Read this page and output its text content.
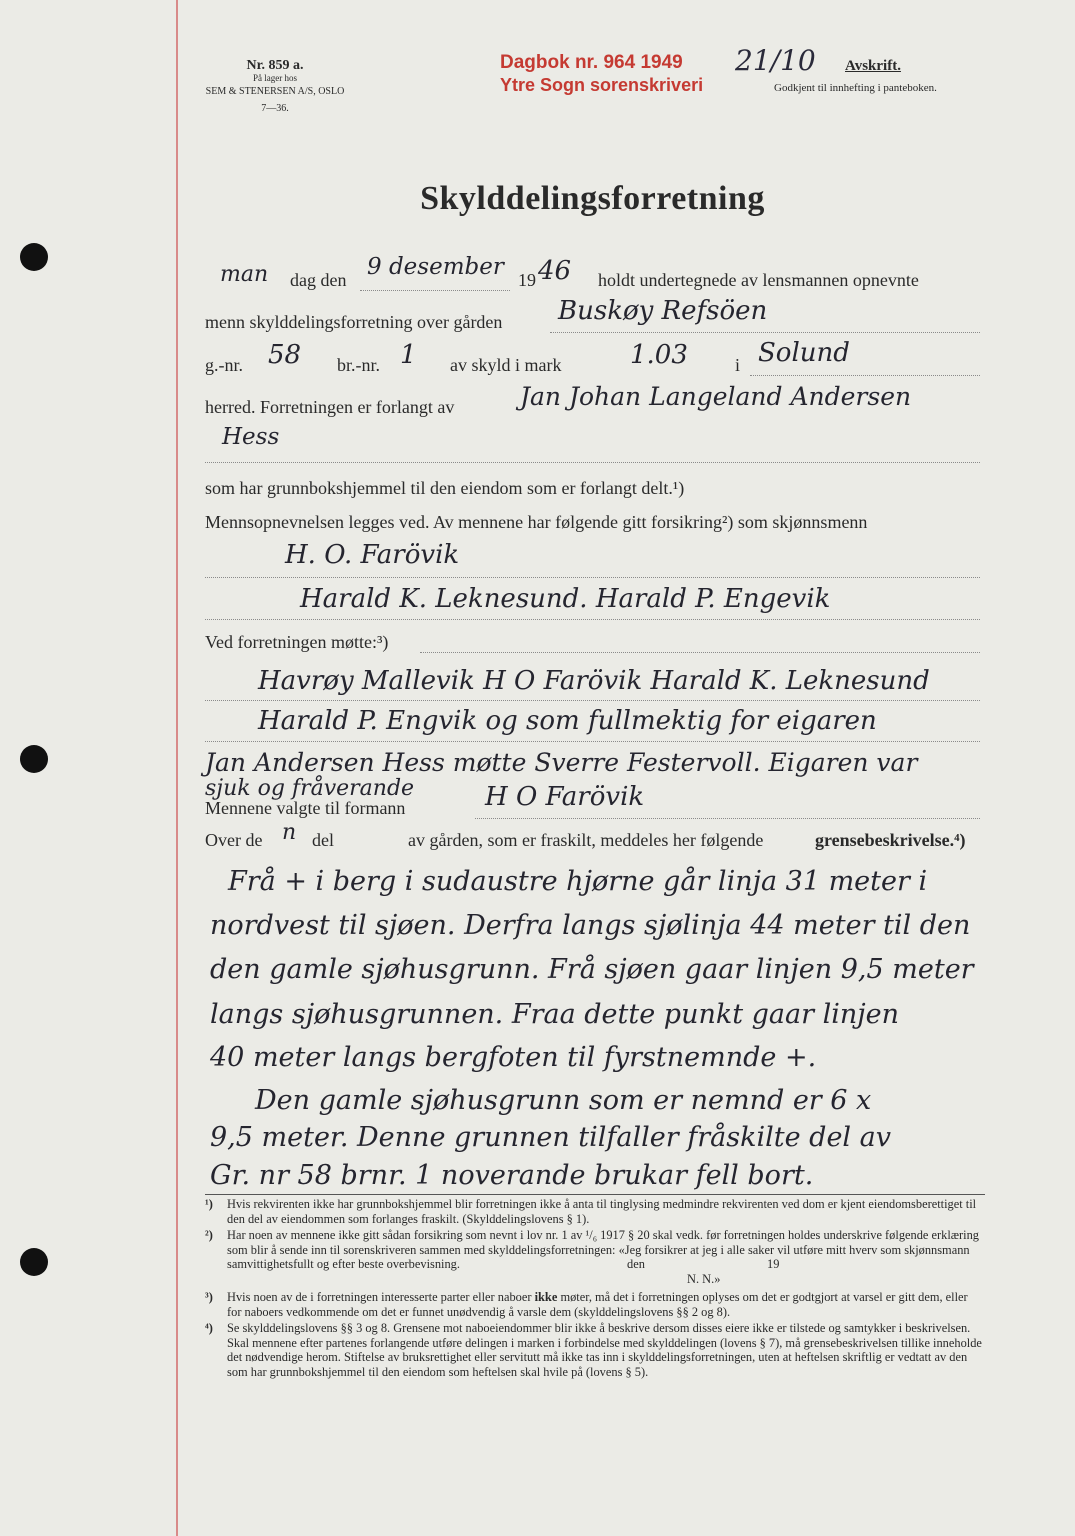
Nr. 859 a.
På lager hos
SEM & STENERSEN A/S, OSLO
7—36.
Dagbok nr. 964 1949
Ytre Sogn sorenskriveri
21/10 Avskrift.
Godkjent til innhefting i panteboken.
Skylddelingsforretning
man dag den 9 desember 19 46 holdt undertegnede av lensmannen opnevnte
menn skylddelingsforretning over gården Buskøy Refsöen
g.-nr. 58 br.-nr. 1 av skyld i mark	1.03	i Solund
herred. Forretningen er forlangt av	Jan Johan Langeland Andersen
Hess
som har grunnbokshjemmel til den eiendom som er forlangt delt.¹)
Mennsopnevnelsen legges ved. Av mennene har følgende gitt forsikring²) som skjønnsmenn
H. O. Farövik
Harald K. Leknesund. Harald P. Engevik
Ved forretningen møtte:³)
Havrøy Mallevik H O Farövik Harald K. Leknesund
Harald P. Engvik og som fullmektig for eigaren
Jan Andersen Hess møtte Sverre Festervoll. Eigaren var
sjuk og fråverande
Mennene valgte til formann	H O Farövik
Over de n del	av gården, som er fraskilt, meddeles her følgende	grensebeskrivelse.⁴)
Frå + i berg i sudaustre hjørne går linja 31 meter i
nordvest til sjøen. Derfra langs sjølinja 44 meter til den
den gamle sjøhusgrunn. Frå sjøen gaar linjen 9,5 meter
langs sjøhusgrunnen. Fraa dette punkt gaar linjen
40 meter langs bergfoten til fyrstnemnde +.
Den gamle sjøhusgrunn som er nemnd er 6 x
9,5 meter. Denne grunnen tilfaller fråskilte del av
Gr. nr 58 brnr. 1 noverande brukar fell bort.
¹) Hvis rekvirenten ikke har grunnbokshjemmel blir forretningen ikke å anta til tinglysing medmindre rekvirenten ved dom er kjent eiendomsberettiget til den del av eiendommen som forlanges fraskilt. (Skylddelingslovens § 1).
²) Har noen av mennene ikke gitt sådan forsikring som nevnt i lov nr. 1 av ¹/₆ 1917 § 20 skal vedk. før forretningen holdes underskrive følgende erklæring som blir å sende inn til sorenskriveren sammen med skylddelingsforretningen: «Jeg forsikrer at jeg i alle saker vil utføre mitt hverv som skjønnsmann samvittighetsfullt og efter beste overbevisning.	den	19
N. N.»
³) Hvis noen av de i forretningen interesserte parter eller naboer ikke møter, må det i forretningen oplyses om det er godtgjort at varsel er gitt dem, eller for naboers vedkommende om det er funnet unødvendig å varsle dem (skylddelingslovens §§ 2 og 8).
⁴) Se skylddelingslovens §§ 3 og 8. Grensene mot naboeiendommer blir ikke å beskrive dersom disses eiere ikke er tilstede og samtykker i beskrivelsen. Skal mennene efter partenes forlangende utføre delingen i marken i forbindelse med skylddelingen (lovens § 7), må grensebeskrivelsen tillike inneholde det nødvendige herom. Stiftelse av bruksrettighet eller servitutt må ikke tas inn i skylddelingsforretningen, uten at heftelsen skriftlig er vedtatt av den som har grunnbokshjemmel til den eiendom som heftelsen skal hvile på (lovens § 5).
